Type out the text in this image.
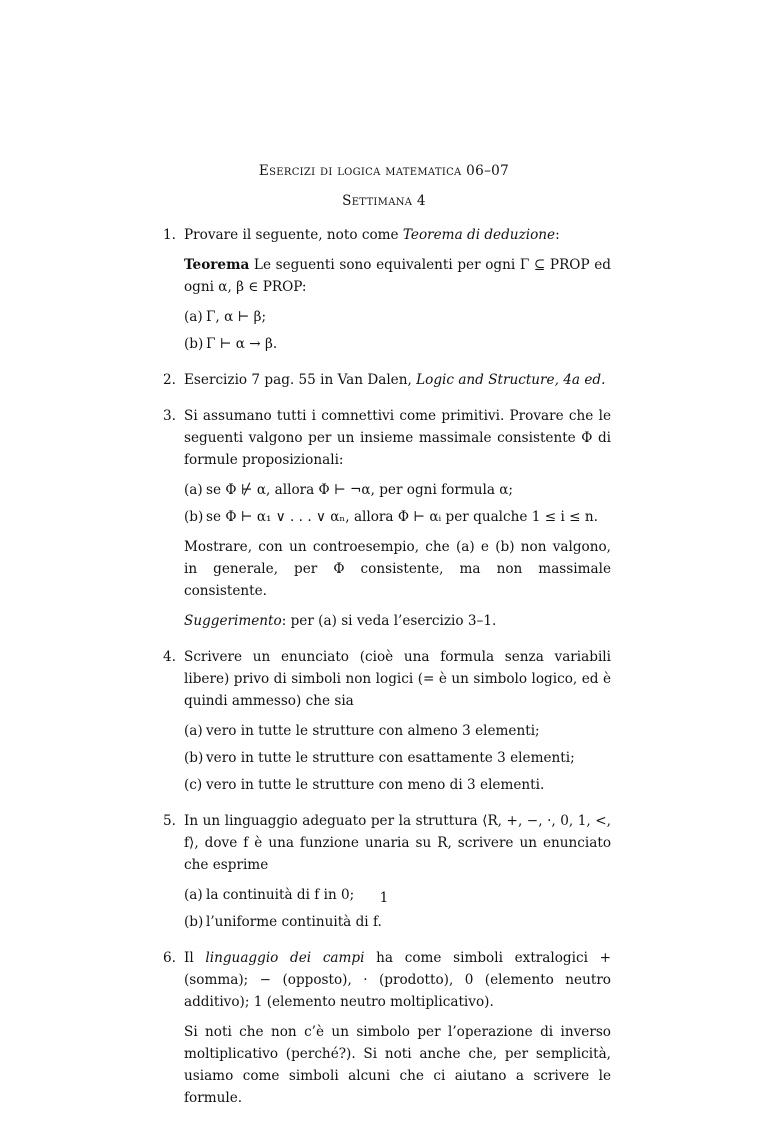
Esercizi di logica matematica 06–07
Settimana 4
1. Provare il seguente, noto come Teorema di deduzione:
Teorema Le seguenti sono equivalenti per ogni Γ ⊆ PROP ed ogni α, β ∈ PROP:
(a) Γ, α ⊢ β;
(b) Γ ⊢ α → β.
2. Esercizio 7 pag. 55 in Van Dalen, Logic and Structure, 4a ed.
3. Si assumano tutti i comnettivi come primitivi. Provare che le seguenti valgono per un insieme massimale consistente Φ di formule proposizionali:
(a) se Φ ⊬ α, allora Φ ⊢ ¬α, per ogni formula α;
(b) se Φ ⊢ α₁ ∨ . . . ∨ αₙ, allora Φ ⊢ αᵢ per qualche 1 ≤ i ≤ n.
Mostrare, con un controesempio, che (a) e (b) non valgono, in generale, per Φ consistente, ma non massimale consistente.
Suggerimento: per (a) si veda l’esercizio 3–1.
4. Scrivere un enunciato (cioè una formula senza variabili libere) privo di simboli non logici (= è un simbolo logico, ed è quindi ammesso) che sia
(a) vero in tutte le strutture con almeno 3 elementi;
(b) vero in tutte le strutture con esattamente 3 elementi;
(c) vero in tutte le strutture con meno di 3 elementi.
5. In un linguaggio adeguato per la struttura ⟨R, +, −, ·, 0, 1, <, f⟩, dove f è una funzione unaria su R, scrivere un enunciato che esprime
(a) la continuità di f in 0;
(b) l’uniforme continuità di f.
6. Il linguaggio dei campi ha come simboli extralogici + (somma); − (opposto), · (prodotto), 0 (elemento neutro additivo); 1 (elemento neutro moltiplicativo).
Si noti che non c’è un simbolo per l’operazione di inverso moltiplicativo (perché?). Si noti anche che, per semplicità, usiamo come simboli alcuni che ci aiutano a scrivere le formule.
1
